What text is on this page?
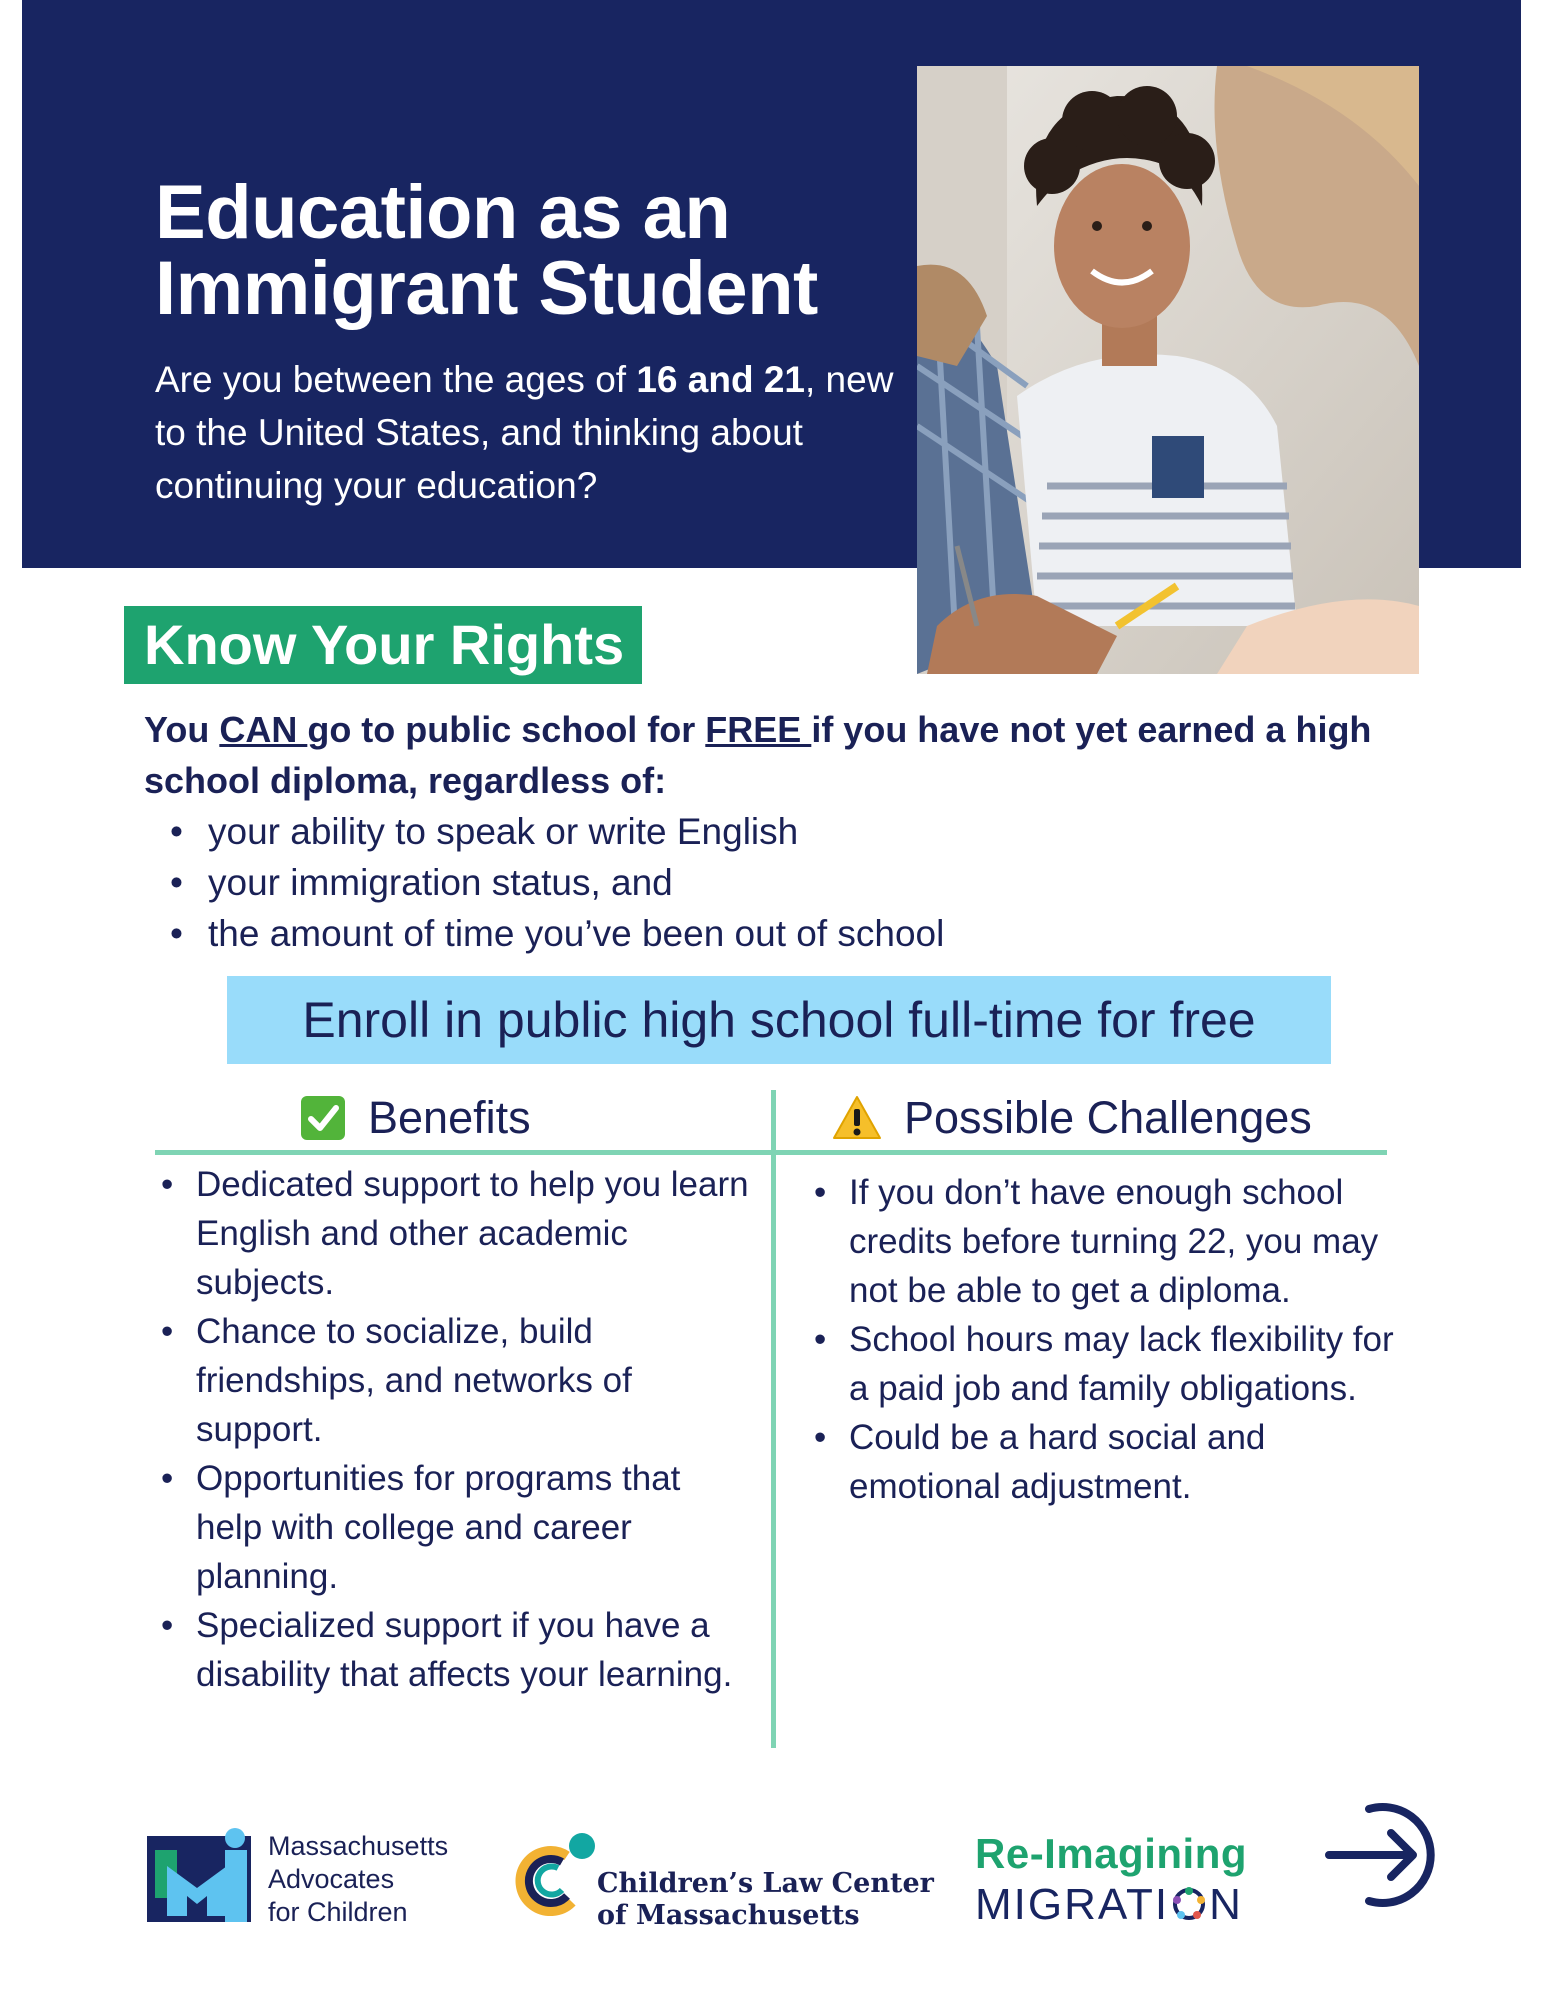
Education as an Immigrant Student

Are you between the ages of 16 and 21, new to the United States, and thinking about continuing your education?

Know Your Rights

You CAN go to public school for FREE if you have not yet earned a high school diploma, regardless of:

• your ability to speak or write English
• your immigration status, and
• the amount of time you’ve been out of school
Enroll in public high school full-time for free
Benefits	Possible Challenges
• Dedicated support to help you learn English and other academic subjects.
• Chance to socialize, build friendships, and networks of support.
• Opportunities for programs that help with college and career planning.
• Specialized support if you have a disability that affects your learning.
• If you don’t have enough school credits before turning 22, you may not be able to get a diploma.
• School hours may lack flexibility for a paid job and family obligations.
• Could be a hard social and emotional adjustment.
Massachusetts
Advocates
for Children
Children’s Law Center
of Massachusetts
Re-Imagining
MIGRATI N
